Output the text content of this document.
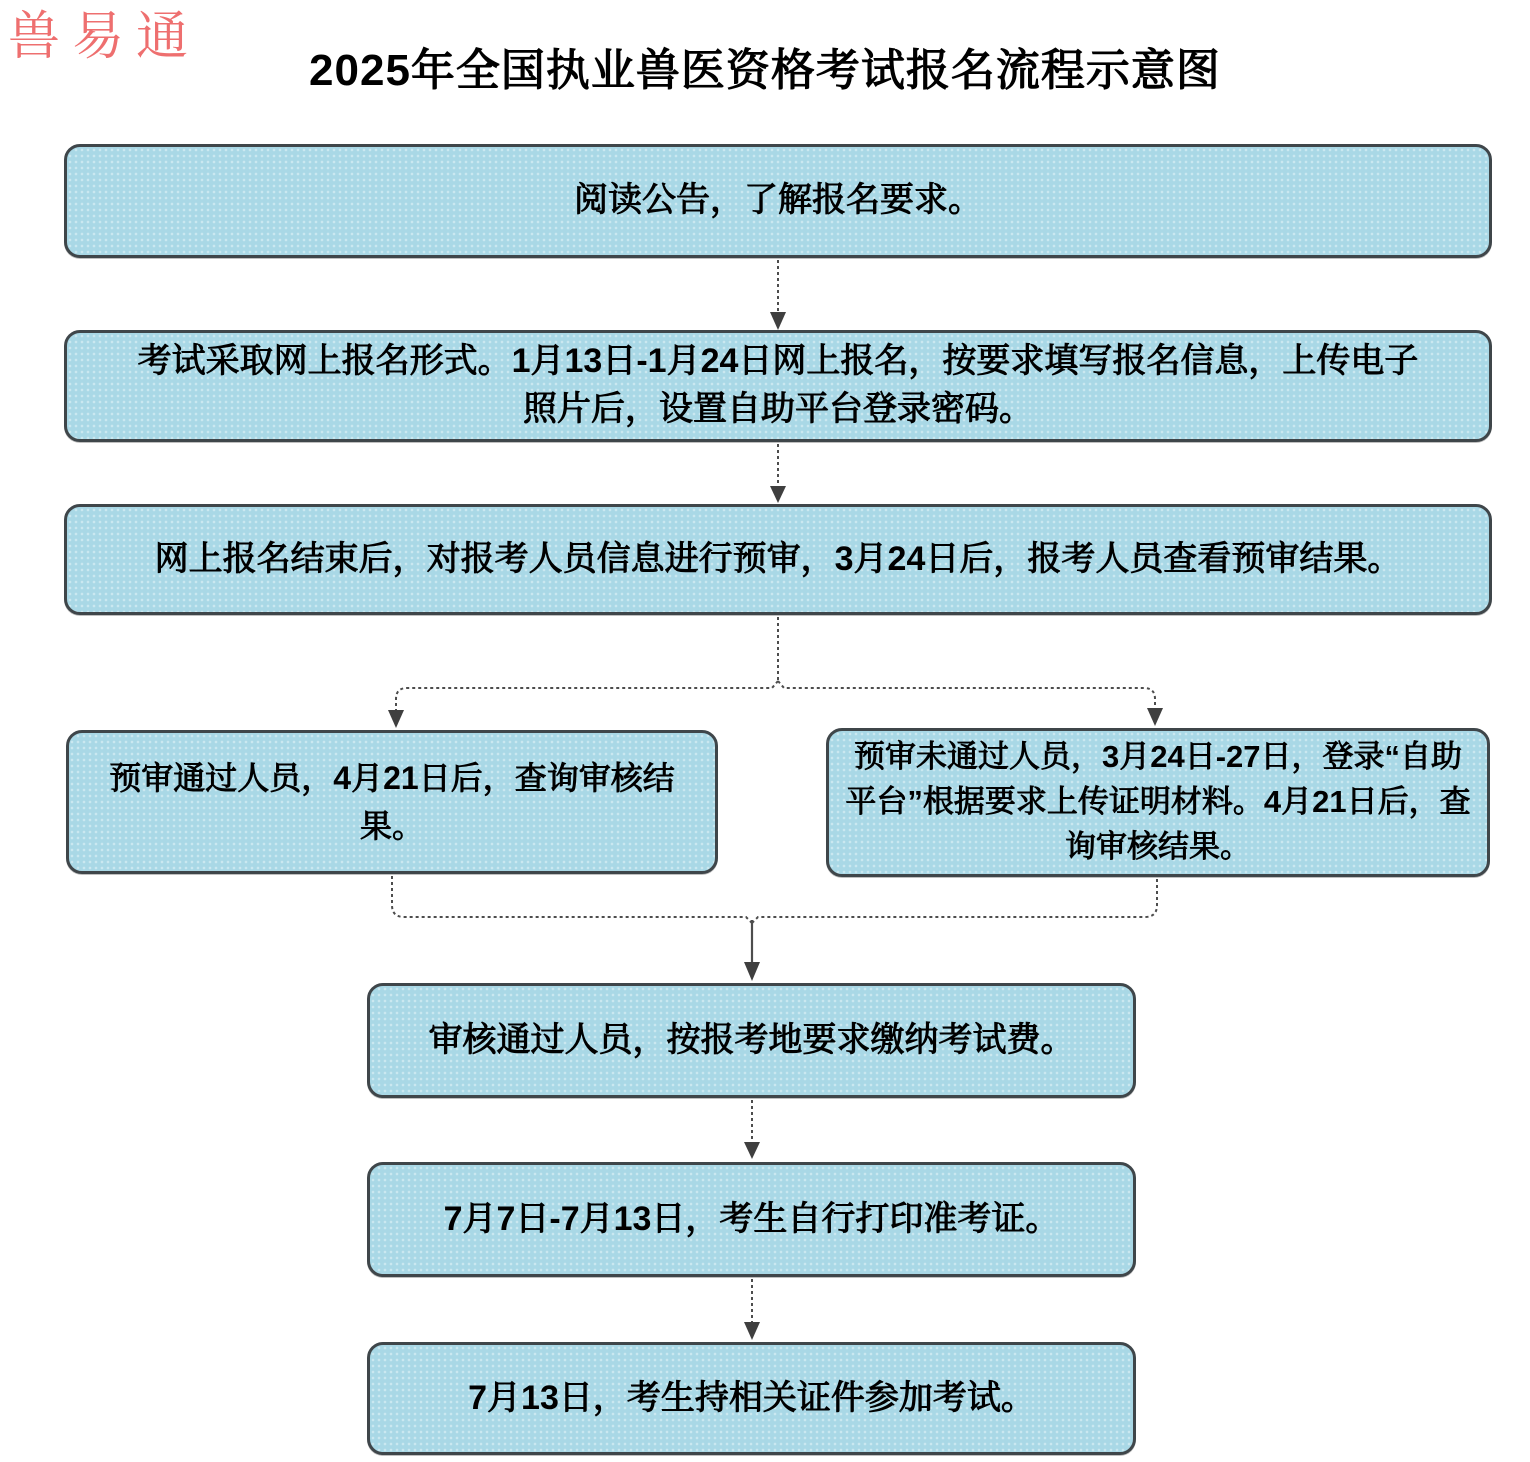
兽易通
2025年全国执业兽医资格考试报名流程示意图
阅读公告，了解报名要求。
考试采取网上报名形式。1月13日-1月24日网上报名，按要求填写报名信息，上传电子照片后，设置自助平台登录密码。
网上报名结束后，对报考人员信息进行预审，3月24日后，报考人员查看预审结果。
预审通过人员，4月21日后，查询审核结果。
预审未通过人员，3月24日-27日，登录“自助平台”根据要求上传证明材料。4月21日后，查询审核结果。
审核通过人员，按报考地要求缴纳考试费。
7月7日-7月13日，考生自行打印准考证。
7月13日，考生持相关证件参加考试。
